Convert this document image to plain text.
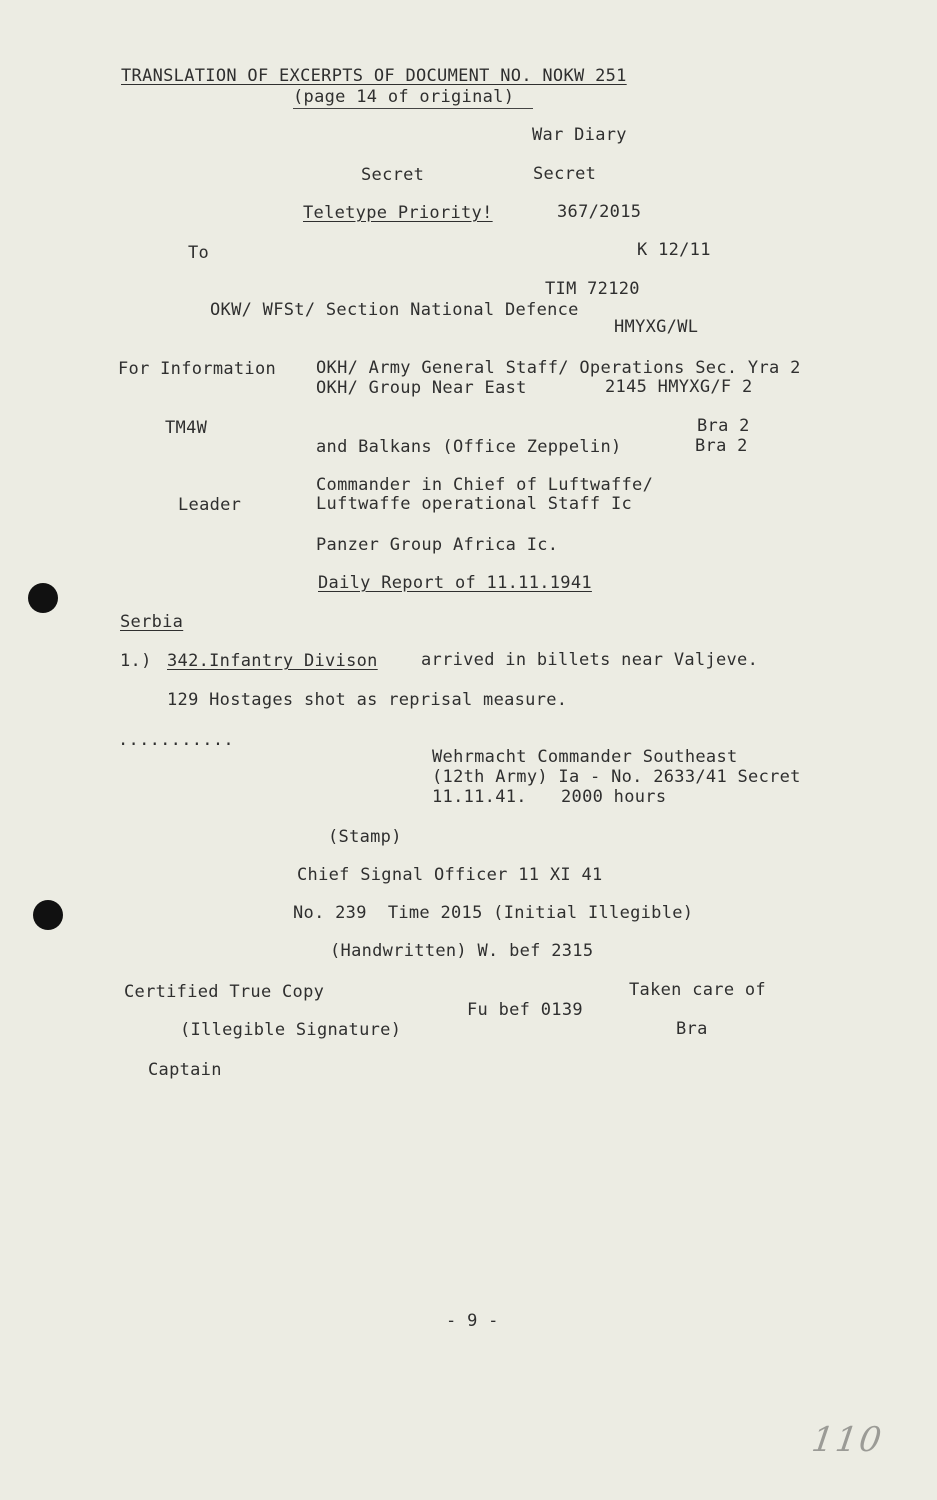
TRANSLATION OF EXCERPTS OF DOCUMENT NO. NOKW 251
(page 14 of original)
War Diary
Secret	Secret
Teletype Priority!	367/2015
To	K 12/11
TIM 72120
OKW/ WFSt/ Section National Defence
HMYXG/WL
For Information OKH/ Army General Staff/ Operations Sec. Yra 2
OKH/ Group Near East	2145 HMYXG/F 2
TM4W	Bra 2
and Balkans (Office Zeppelin)	Bra 2
Commander in Chief of Luftwaffe/
Leader	Luftwaffe operational Staff Ic
Panzer Group Africa Ic.
Daily Report of 11.11.1941
Serbia
1.) 342.Infantry Divison	arrived in billets near Valjeve.
129 Hostages shot as reprisal measure.
...........
Wehrmacht Commander Southeast
(12th Army) Ia - No. 2633/41 Secret
11.11.41. 2000 hours
(Stamp)
Chief Signal Officer 11 XI 41
No. 239  Time 2015 (Initial Illegible)
(Handwritten) W. bef 2315
Certified True Copy	Taken care of
Fu bef 0139
(Illegible Signature)	Bra
Captain
- 9 -
110
